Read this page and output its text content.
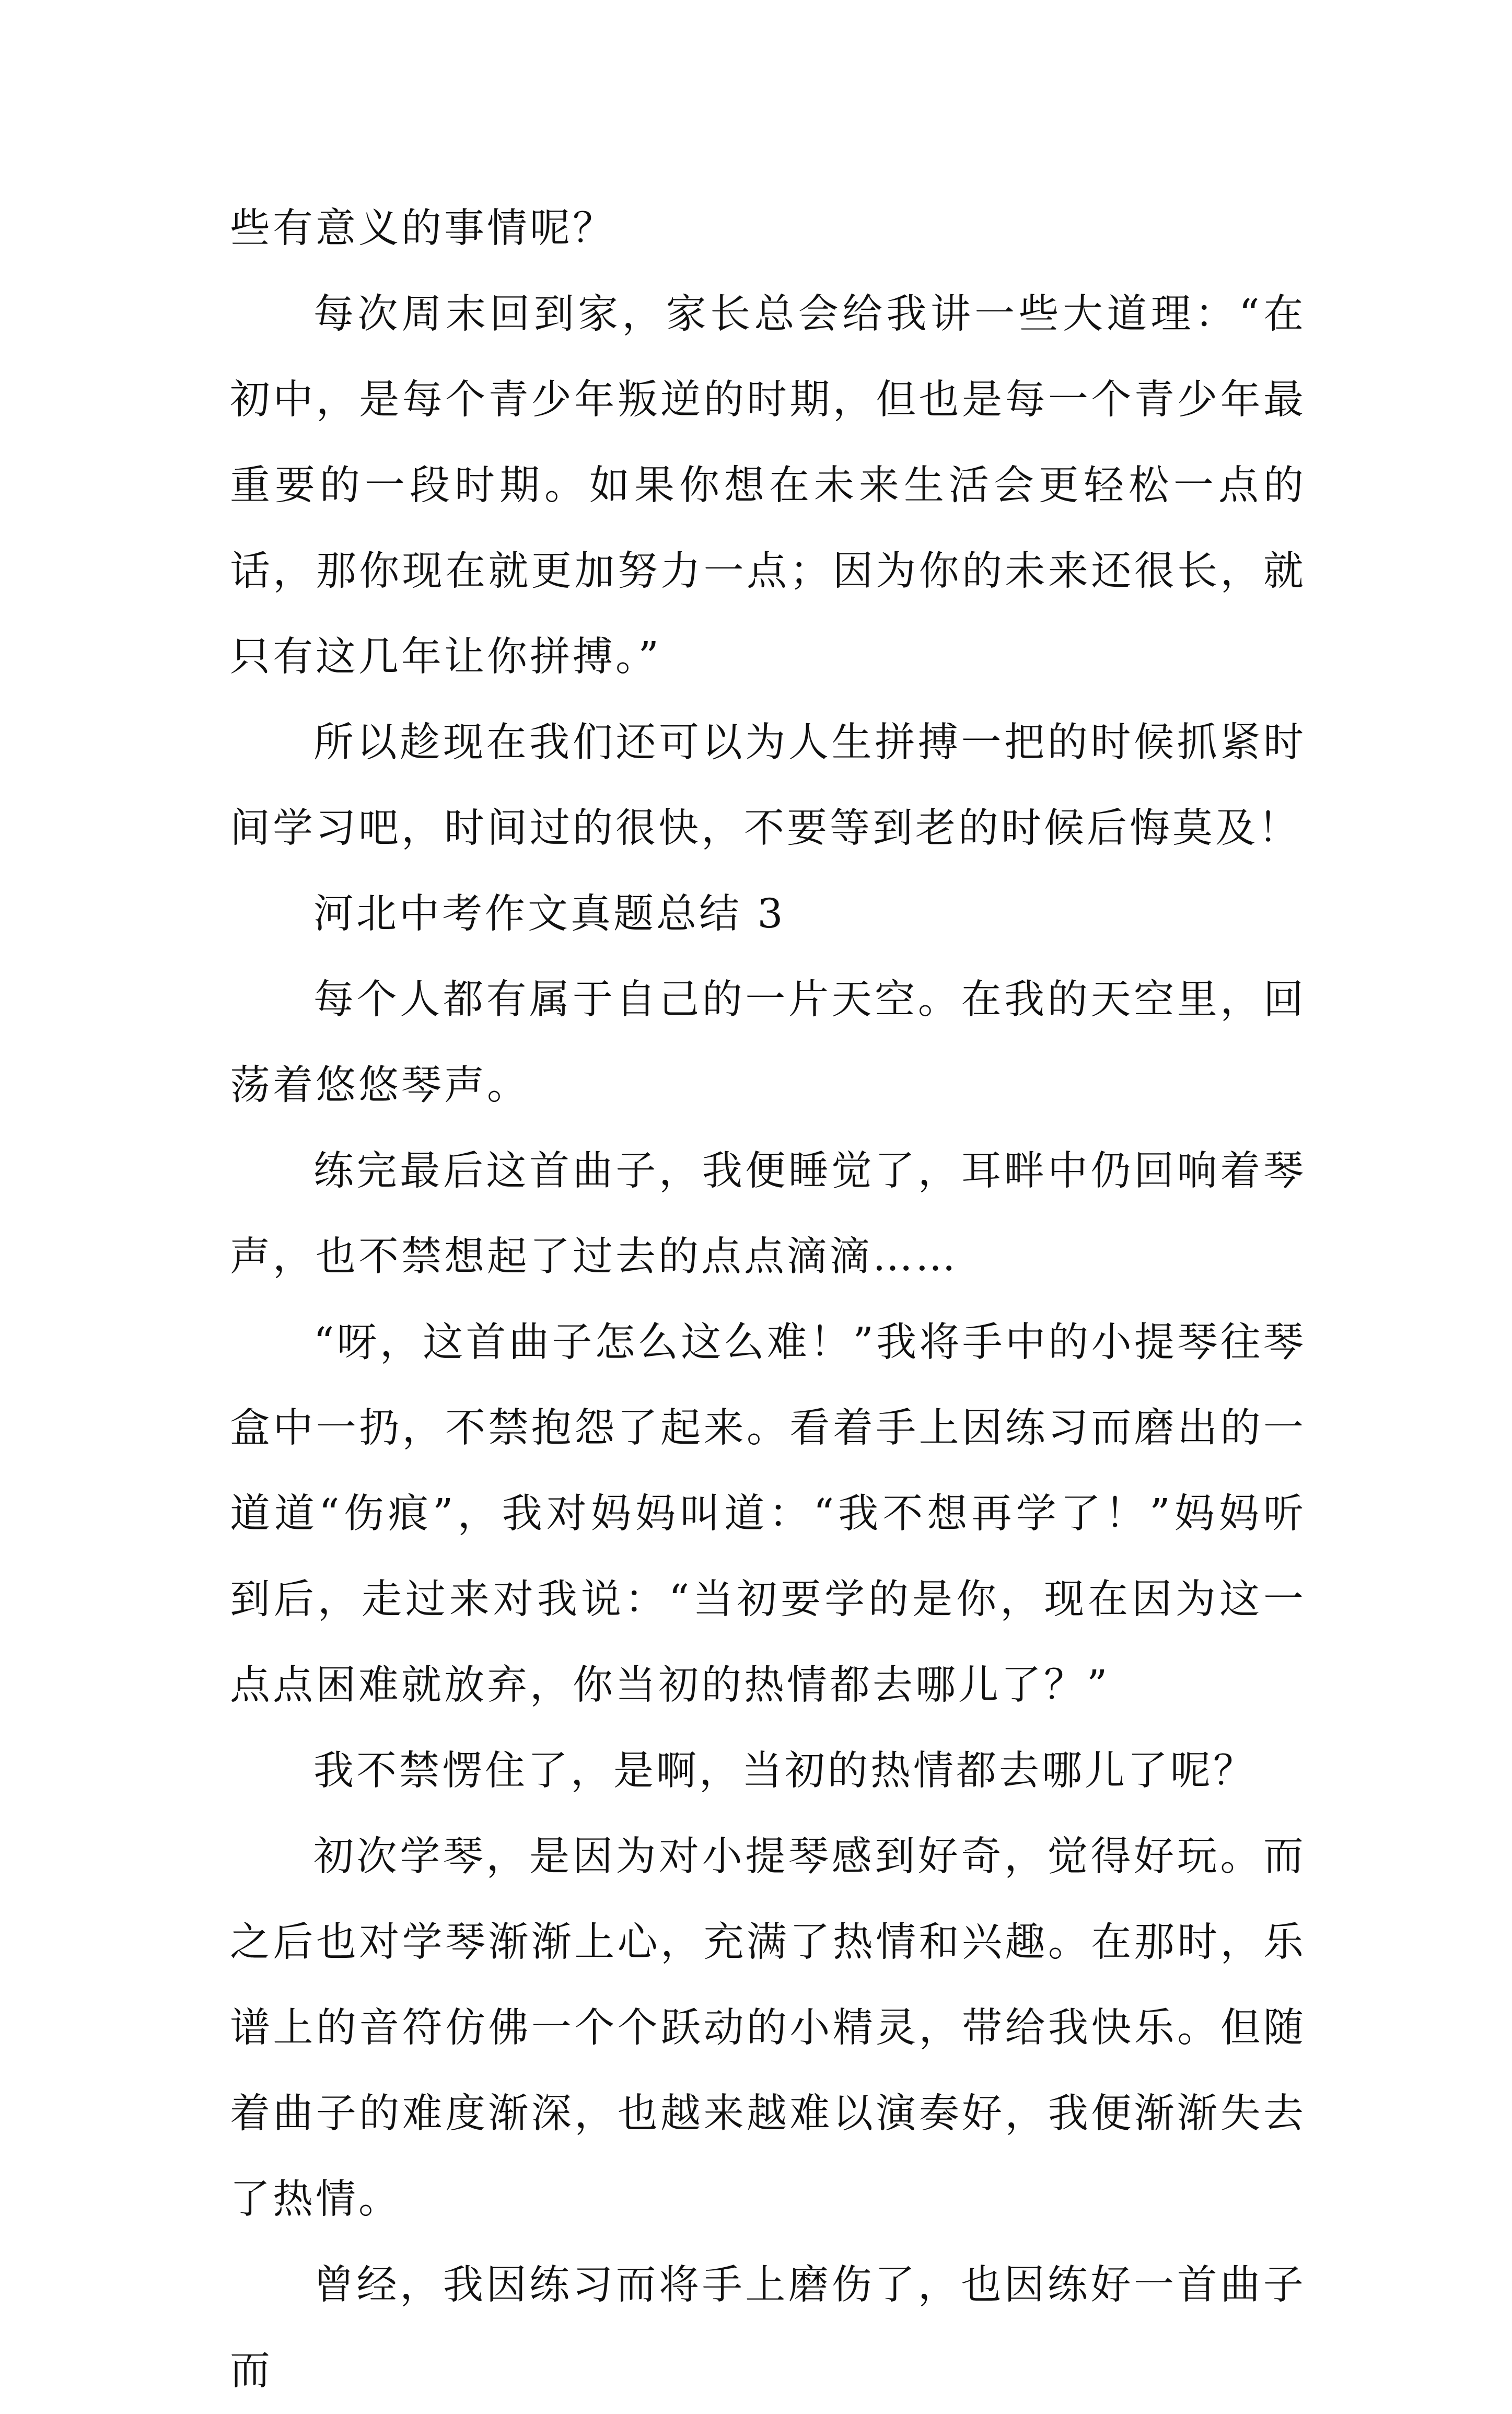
些有意义的事情呢？

每次周末回到家，家长总会给我讲一些大道理：“在初中，是每个青少年叛逆的时期，但也是每一个青少年最重要的一段时期。如果你想在未来生活会更轻松一点的话，那你现在就更加努力一点；因为你的未来还很长，就只有这几年让你拼搏。”

所以趁现在我们还可以为人生拼搏一把的时候抓紧时间学习吧，时间过的很快，不要等到老的时候后悔莫及！

河北中考作文真题总结 3

每个人都有属于自己的一片天空。在我的天空里，回荡着悠悠琴声。

练完最后这首曲子，我便睡觉了，耳畔中仍回响着琴声，也不禁想起了过去的点点滴滴……

“呀，这首曲子怎么这么难！”我将手中的小提琴往琴盒中一扔，不禁抱怨了起来。看着手上因练习而磨出的一道道“伤痕”，我对妈妈叫道：“我不想再学了！”妈妈听到后，走过来对我说：“当初要学的是你，现在因为这一点点困难就放弃，你当初的热情都去哪儿了？”

我不禁愣住了，是啊，当初的热情都去哪儿了呢？

初次学琴，是因为对小提琴感到好奇，觉得好玩。而之后也对学琴渐渐上心，充满了热情和兴趣。在那时，乐谱上的音符仿佛一个个跃动的小精灵，带给我快乐。但随着曲子的难度渐深，也越来越难以演奏好，我便渐渐失去了热情。

曾经，我因练习而将手上磨伤了，也因练好一首曲子而
